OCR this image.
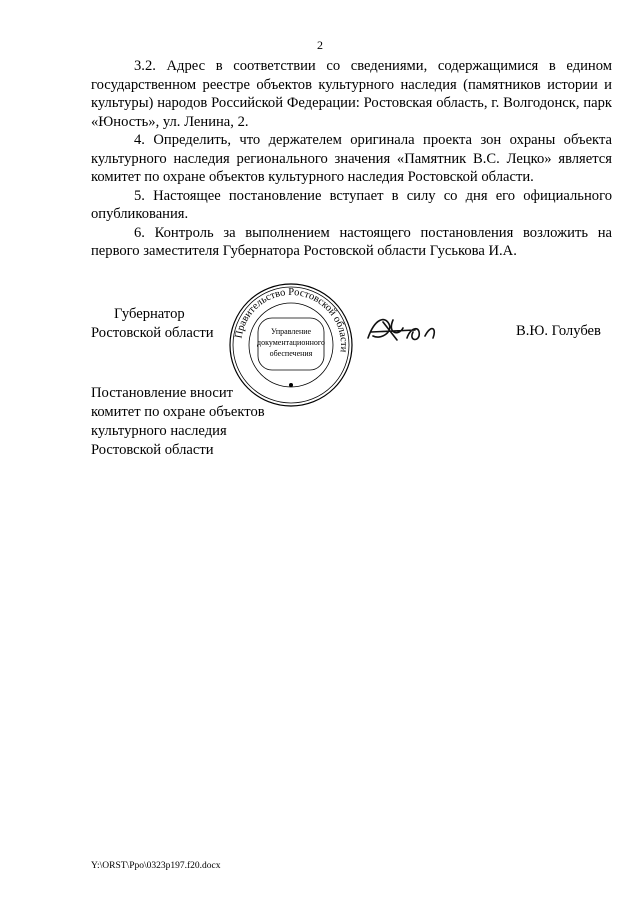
2

3.2. Адрес в соответствии со сведениями, содержащимися в едином государственном реестре объектов культурного наследия (памятников истории и культуры) народов Российской Федерации: Ростовская область, г. Волгодонск, парк «Юность», ул. Ленина, 2.

4. Определить, что держателем оригинала проекта зон охраны объекта культурного наследия регионального значения «Памятник В.С. Лецко» является комитет по охране объектов культурного наследия Ростовской области.

5. Настоящее постановление вступает в силу со дня его официального опубликования.

6. Контроль за выполнением настоящего постановления возложить на первого заместителя Губернатора Ростовской области Гуськова И.А.

Губернатор
Ростовской области Правительство Ростовской области
Управление
документационного
обеспечения
В.Ю. Голубев
Постановление вносит
комитет по охране объектов
культурного наследия
Ростовской области
Y:\ORST\Ppo\0323p197.f20.docx
